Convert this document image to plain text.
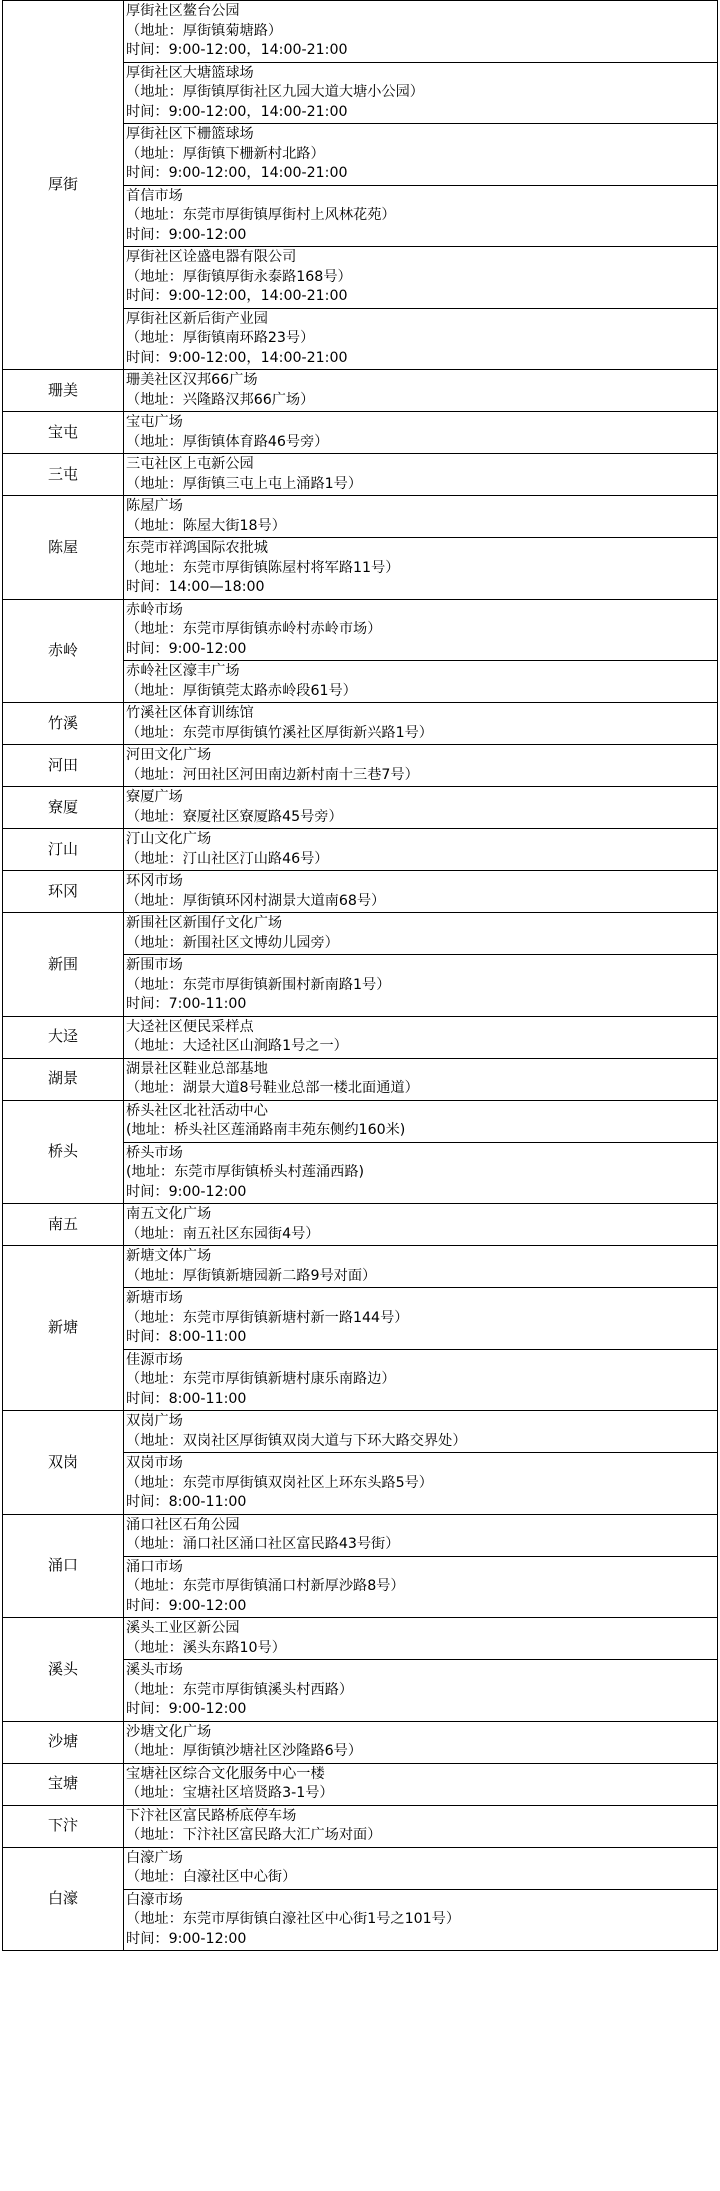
厚街	厚街社区鳌台公园
（地址：厚街镇菊塘路）
时间：9:00-12:00，14:00-21:00

	厚街社区大塘篮球场
（地址：厚街镇厚街社区九园大道大塘小公园）
时间：9:00-12:00，14:00-21:00

	厚街社区下栅篮球场
（地址：厚街镇下栅新村北路）
时间：9:00-12:00，14:00-21:00

	首信市场
（地址：东莞市厚街镇厚街村上风林花苑）
时间：9:00-12:00

	厚街社区诠盛电器有限公司
（地址：厚街镇厚街永泰路168号）
时间：9:00-12:00，14:00-21:00

	厚街社区新后街产业园
（地址：厚街镇南环路23号）
时间：9:00-12:00，14:00-21:00

珊美	珊美社区汉邦66广场
（地址：兴隆路汉邦66广场）

宝屯	宝屯广场
（地址：厚街镇体育路46号旁）

三屯	三屯社区上屯新公园
（地址：厚街镇三屯上屯上涌路1号）

陈屋	陈屋广场
（地址：陈屋大街18号）

	东莞市祥鸿国际农批城
（地址：东莞市厚街镇陈屋村将军路11号）
时间：14:00—18:00

赤岭	赤岭市场
（地址：东莞市厚街镇赤岭村赤岭市场）
时间：9:00-12:00

	赤岭社区濠丰广场
（地址：厚街镇莞太路赤岭段61号）

竹溪	竹溪社区体育训练馆
（地址：东莞市厚街镇竹溪社区厚街新兴路1号）

河田	河田文化广场
（地址：河田社区河田南边新村南十三巷7号）

寮厦	寮厦广场
（地址：寮厦社区寮厦路45号旁）

汀山	汀山文化广场
（地址：汀山社区汀山路46号）

环冈	环冈市场
（地址：厚街镇环冈村湖景大道南68号）

新围	新围社区新围仔文化广场
（地址：新围社区文博幼儿园旁）

	新围市场
（地址：东莞市厚街镇新围村新南路1号）
时间：7:00-11:00

大迳	大迳社区便民采样点
（地址：大迳社区山涧路1号之一）

湖景	湖景社区鞋业总部基地
（地址：湖景大道8号鞋业总部一楼北面通道）

桥头	桥头社区北社活动中心
(地址：桥头社区莲涌路南丰苑东侧约160米)

	桥头市场
(地址：东莞市厚街镇桥头村莲涌西路)
时间：9:00-12:00

南五	南五文化广场
（地址：南五社区东园街4号）

新塘	新塘文体广场
（地址：厚街镇新塘园新二路9号对面）

	新塘市场
（地址：东莞市厚街镇新塘村新一路144号）
时间：8:00-11:00

	佳源市场
（地址：东莞市厚街镇新塘村康乐南路边）
时间：8:00-11:00

双岗	双岗广场
（地址：双岗社区厚街镇双岗大道与下环大路交界处）

	双岗市场
（地址：东莞市厚街镇双岗社区上环东头路5号）
时间：8:00-11:00

涌口	涌口社区石角公园
（地址：涌口社区涌口社区富民路43号街）

	涌口市场
（地址：东莞市厚街镇涌口村新厚沙路8号）
时间：9:00-12:00

溪头	溪头工业区新公园
（地址：溪头东路10号）

	溪头市场
（地址：东莞市厚街镇溪头村西路）
时间：9:00-12:00

沙塘	沙塘文化广场
（地址：厚街镇沙塘社区沙隆路6号）

宝塘	宝塘社区综合文化服务中心一楼
（地址：宝塘社区培贤路3-1号）

下汴	下汴社区富民路桥底停车场
（地址：下汴社区富民路大汇广场对面）

白濠	白濠广场
（地址：白濠社区中心街）

	白濠市场
（地址：东莞市厚街镇白濠社区中心街1号之101号）
时间：9:00-12:00
